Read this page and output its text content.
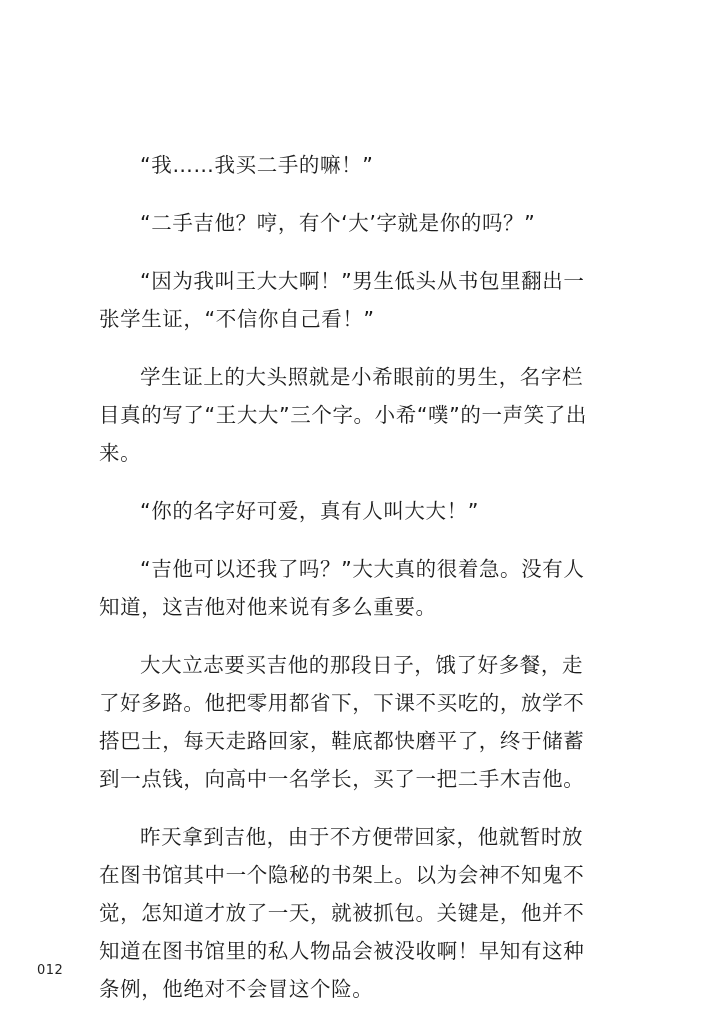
“我……我买二手的嘛！”

“二手吉他？哼，有个‘大’字就是你的吗？”

“因为我叫王大大啊！”男生低头从书包里翻出一张学生证，“不信你自己看！”

学生证上的大头照就是小希眼前的男生，名字栏目真的写了“王大大”三个字。小希“噗”的一声笑了出来。

“你的名字好可爱，真有人叫大大！”

“吉他可以还我了吗？”大大真的很着急。没有人知道，这吉他对他来说有多么重要。

大大立志要买吉他的那段日子，饿了好多餐，走了好多路。他把零用都省下，下课不买吃的，放学不搭巴士，每天走路回家，鞋底都快磨平了，终于储蓄到一点钱，向高中一名学长，买了一把二手木吉他。

昨天拿到吉他，由于不方便带回家，他就暂时放在图书馆其中一个隐秘的书架上。以为会神不知鬼不觉，怎知道才放了一天，就被抓包。关键是，他并不知道在图书馆里的私人物品会被没收啊！早知有这种条例，他绝对不会冒这个险。

012
